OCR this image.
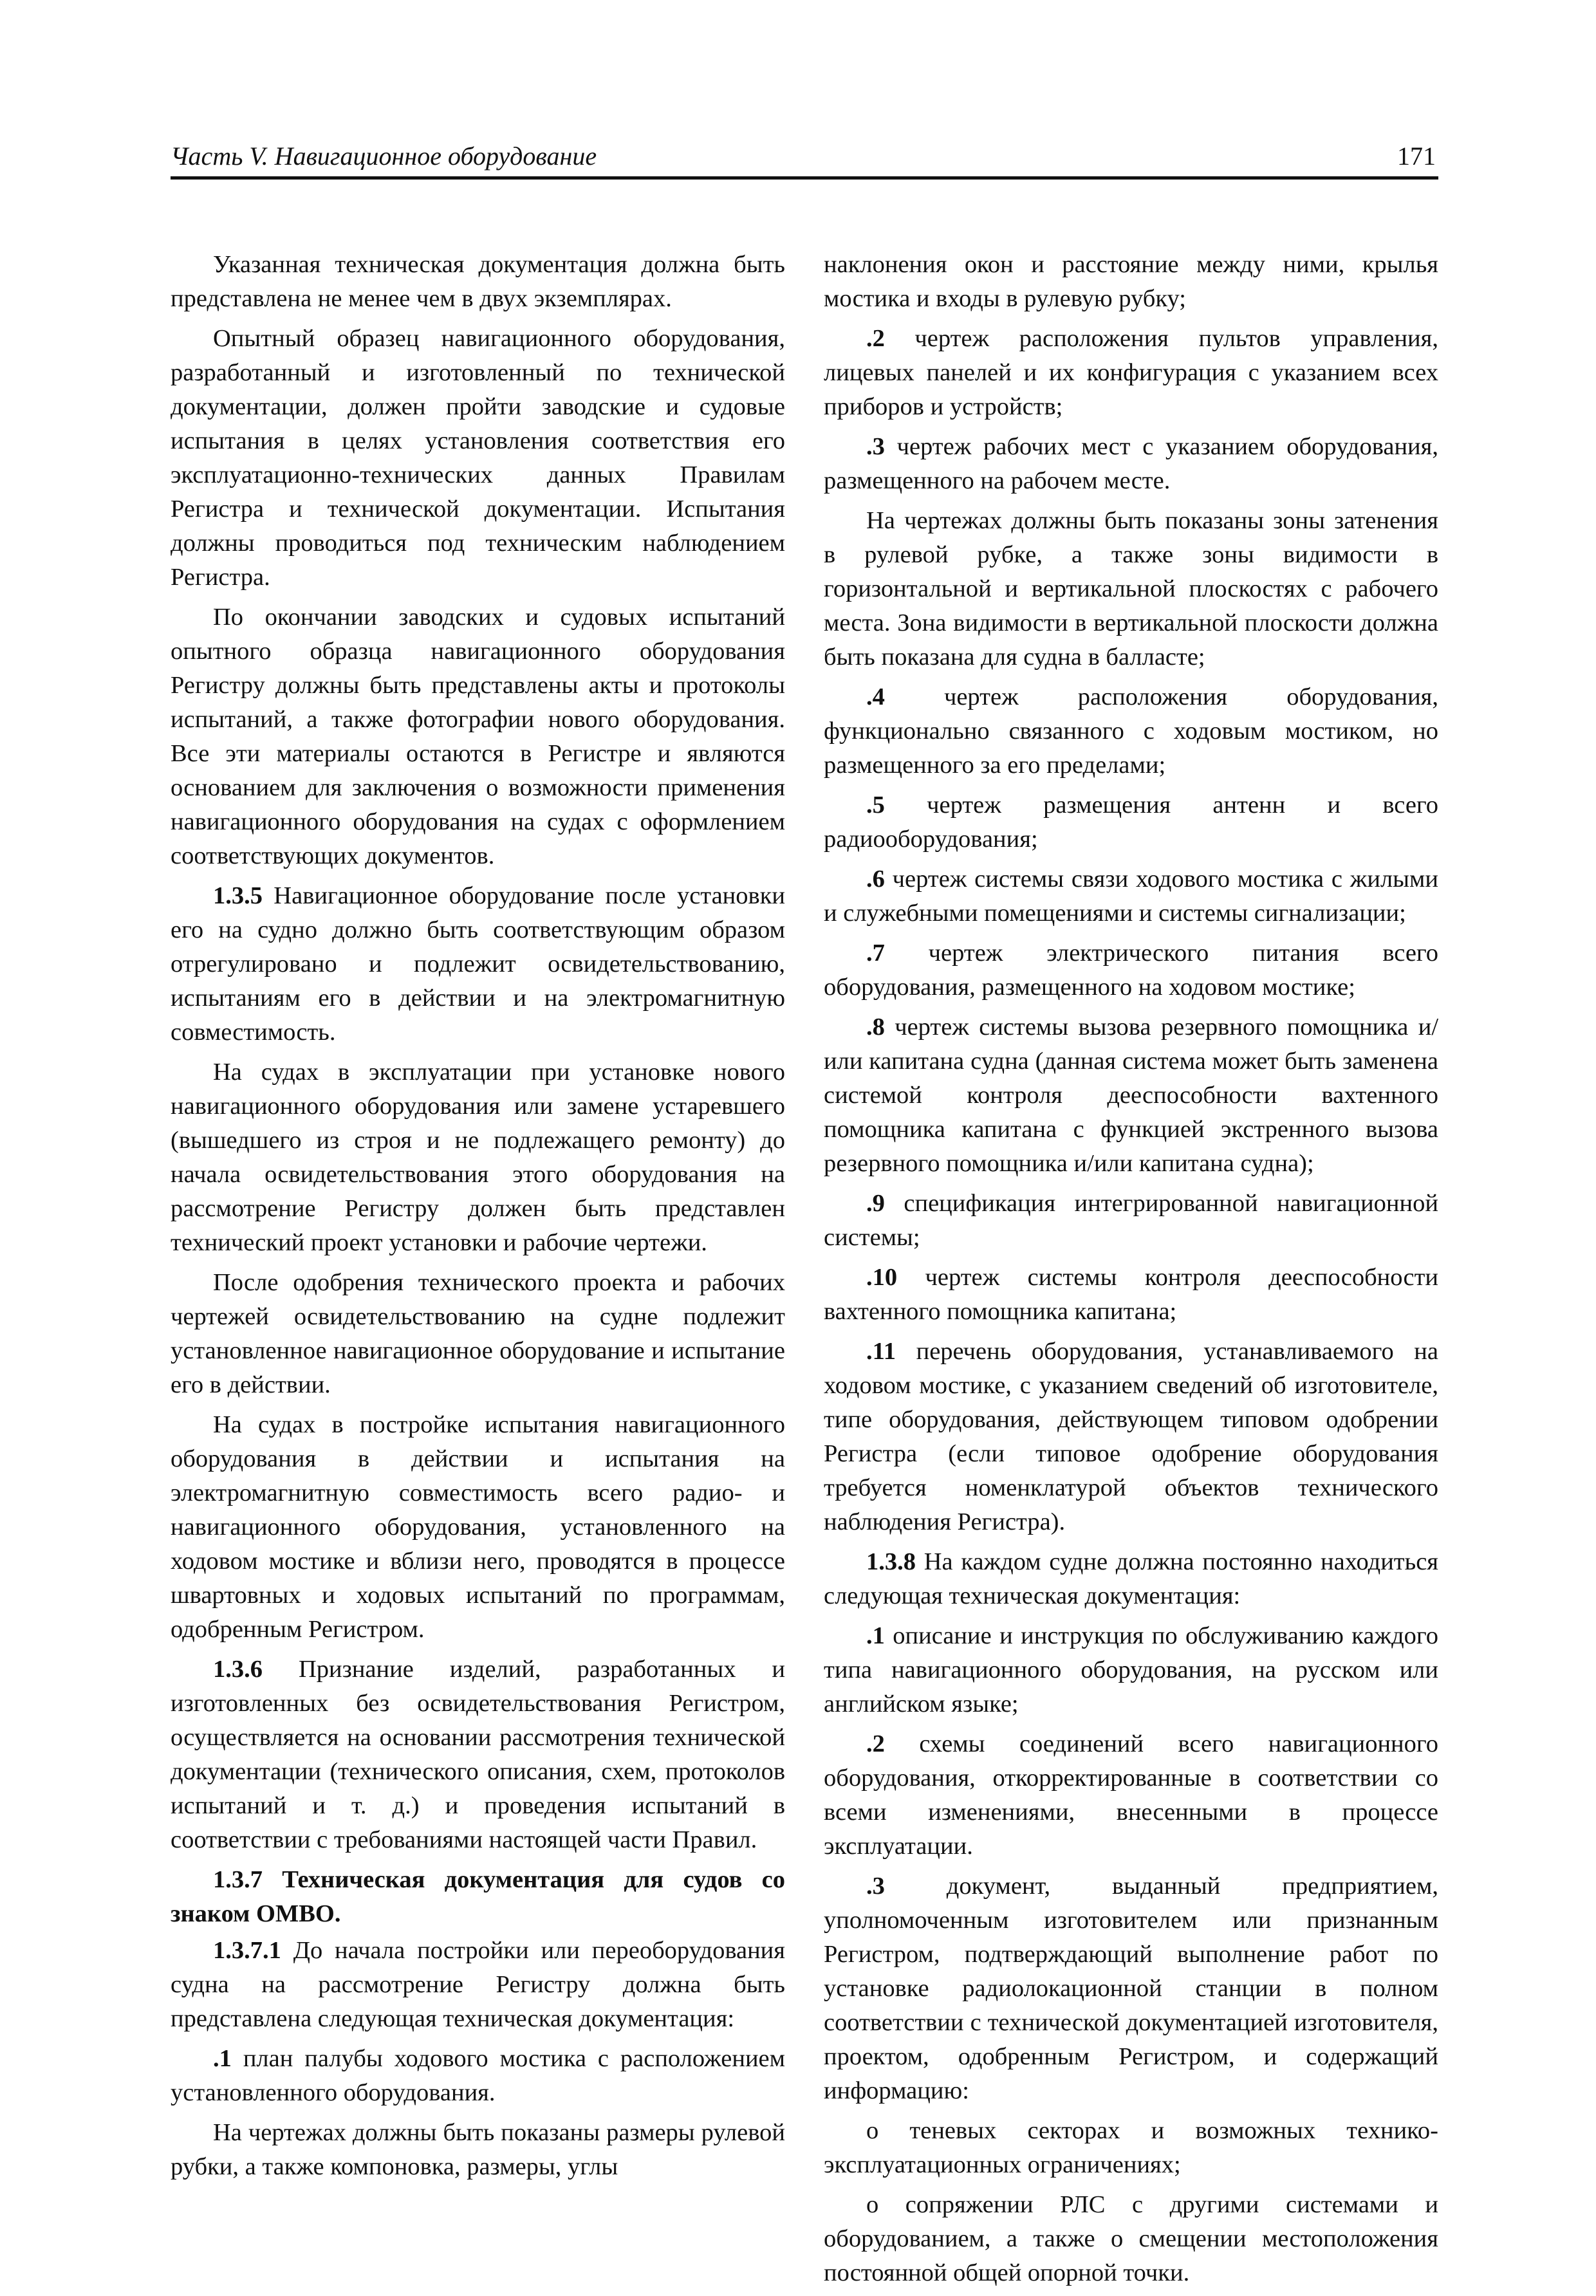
Часть V. Навигационное оборудование	171

Указанная техническая документация должна быть представлена не менее чем в двух экземплярах.

Опытный образец навигационного оборудования, разработанный и изготовленный по технической документации, должен пройти заводские и судовые испытания в целях установления соответствия его эксплуатационно-технических данных Правилам Регистра и технической документации. Испытания должны проводиться под техническим наблюдением Регистра.

По окончании заводских и судовых испытаний опытного образца навигационного оборудования Регистру должны быть представлены акты и протоколы испытаний, а также фотографии нового оборудования. Все эти материалы остаются в Регистре и являются основанием для заключения о возможности применения навигационного оборудования на судах с оформлением соответствующих документов.

1.3.5 Навигационное оборудование после установки его на судно должно быть соответствующим образом отрегулировано и подлежит освидетельствованию, испытаниям его в действии и на электромагнитную совместимость.

На судах в эксплуатации при установке нового навигационного оборудования или замене устаревшего (вышедшего из строя и не подлежащего ремонту) до начала освидетельствования этого оборудования на рассмотрение Регистру должен быть представлен технический проект установки и рабочие чертежи.

После одобрения технического проекта и рабочих чертежей освидетельствованию на судне подлежит установленное навигационное оборудование и испытание его в действии.

На судах в постройке испытания навигационного оборудования в действии и испытания на электромагнитную совместимость всего радио- и навигационного оборудования, установленного на ходовом мостике и вблизи него, проводятся в процессе швартовных и ходовых испытаний по программам, одобренным Регистром.

1.3.6 Признание изделий, разработанных и изготовленных без освидетельствования Регистром, осуществляется на основании рассмотрения технической документации (технического описания, схем, протоколов испытаний и т. д.) и проведения испытаний в соответствии с требованиями настоящей части Правил.

1.3.7 Техническая документация для судов со знаком ОМВО.

1.3.7.1 До начала постройки или переоборудования судна на рассмотрение Регистру должна быть представлена следующая техническая документация:

.1 план палубы ходового мостика с расположением установленного оборудования.

На чертежах должны быть показаны размеры рулевой рубки, а также компоновка, размеры, углы

наклонения окон и расстояние между ними, крылья мостика и входы в рулевую рубку;

.2 чертеж расположения пультов управления, лицевых панелей и их конфигурация с указанием всех приборов и устройств;

.3 чертеж рабочих мест с указанием оборудования, размещенного на рабочем месте.

На чертежах должны быть показаны зоны затенения в рулевой рубке, а также зоны видимости в горизонтальной и вертикальной плоскостях с рабочего места. Зона видимости в вертикальной плоскости должна быть показана для судна в балласте;

.4 чертеж расположения оборудования, функционально связанного с ходовым мостиком, но размещенного за его пределами;

.5 чертеж размещения антенн и всего радиооборудования;

.6 чертеж системы связи ходового мостика с жилыми и служебными помещениями и системы сигнализации;

.7 чертеж электрического питания всего оборудования, размещенного на ходовом мостике;

.8 чертеж системы вызова резервного помощника и/или капитана судна (данная система может быть заменена системой контроля дееспособности вахтенного помощника капитана с функцией экстренного вызова резервного помощника и/или капитана судна);

.9 спецификация интегрированной навигационной системы;

.10 чертеж системы контроля дееспособности вахтенного помощника капитана;

.11 перечень оборудования, устанавливаемого на ходовом мостике, с указанием сведений об изготовителе, типе оборудования, действующем типовом одобрении Регистра (если типовое одобрение оборудования требуется номенклатурой объектов технического наблюдения Регистра).

1.3.8 На каждом судне должна постоянно находиться следующая техническая документация:

.1 описание и инструкция по обслуживанию каждого типа навигационного оборудования, на русском или английском языке;

.2 схемы соединений всего навигационного оборудования, откорректированные в соответствии со всеми изменениями, внесенными в процессе эксплуатации.

.3 документ, выданный предприятием, уполномоченным изготовителем или признанным Регистром, подтверждающий выполнение работ по установке радиолокационной станции в полном соответствии с технической документацией изготовителя, проектом, одобренным Регистром, и содержащий информацию:

о теневых секторах и возможных технико-эксплуатационных ограничениях;

о сопряжении РЛС с другими системами и оборудованием, а также о смещении местоположения постоянной общей опорной точки.
